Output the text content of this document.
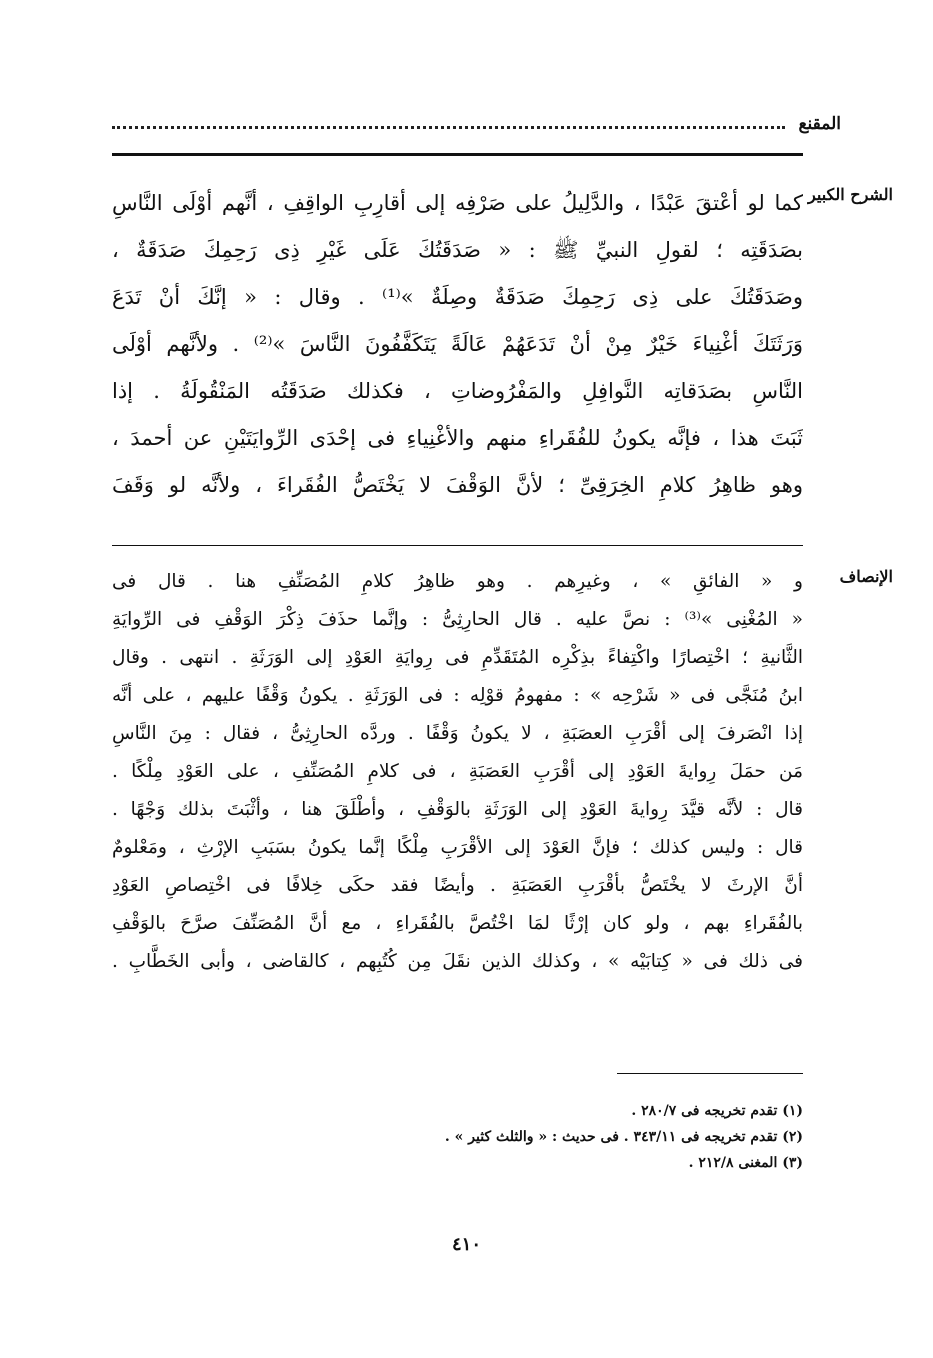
المقنع
الشرح الكبير
الإنصاف
كما لو أعْتقَ عَبْدًا ، والدَّلِيلُ على صَرْفِه إلى أقارِبِ الواقِفِ ، أنَّهم أوْلَى النَّاسِ
بصَدَقَتِه ؛ لقولِ النبيِّ ﷺ : « صَدَقَتُكَ عَلَى غَيْرِ ذِى رَحِمِكَ صَدَقَةٌ ،
وصَدَقَتُكَ على ذِى رَحِمِكَ صَدَقَةٌ وصِلَةٌ »⁽¹⁾ . وقال : « إنَّكَ أنْ تَدَعَ
وَرَثَتَكَ أغْنِياءَ خَيْرٌ مِنْ أنْ تَدَعَهُمْ عَالَةً يَتَكَفَّفُونَ النَّاسَ »⁽²⁾ . ولأنَّهم أوْلَى
النَّاسِ بصَدَقاتِه النَّوافِلِ والمَفْرُوضاتِ ، فكذلك صَدَقَتُه المَنْقُولَةُ . إذا
ثَبَتَ هذا ، فإنَّه يكونُ للفُقَراءِ منهم والأغْنِياءِ فى إحْدَى الرِّوايَتَيْنِ عن أحمدَ ،
وهو ظاهِرُ كلامِ الخِرَقِىِّ ؛ لأنَّ الوَقْفَ لا يَخْتَصُّ الفُقَراءَ ، ولأنَّه لو وَقَفَ
و « الفائقِ » ، وغيرِهم . وهو ظاهِرُ كلامِ المُصَنِّفِ هنا . قال فى
« المُغْنِى »⁽³⁾ : نصَّ عليه . قال الحارِثِىُّ : وإنَّما حذَفَ ذِكْرَ الوَقْفِ فى الرِّوايَةِ
الثَّانيةِ ؛ اخْتِصارًا واكْتِفاءً بذِكْرِه المُتَقَدِّمِ فى رِوايَةِ العَوْدِ إلى الوَرَثَةِ . انتهى . وقال
ابنُ مُنَجَّى فى « شَرْحِه » : مفهومُ قوْلِه : فى الوَرَثَةِ . يكونُ وَقْفًا عليهم ، على أنَّه
إذا انْصَرفَ إلى أقْرَبِ العصَبَةِ ، لا يكونُ وَقْفًا . وردَّه الحارِثِىُّ ، فقال : مِنَ النَّاسِ
مَن حمَلَ رِوايةَ العَوْدِ إلى أقْرَبِ العَصَبَةِ ، فى كلامِ المُصَنِّفِ ، على العَوْدِ مِلْكًا .
قال : لأنَّه قيَّدَ رِوايةَ العَوْدِ إلى الوَرَثَةِ بالوَقْفِ ، وأطْلَقَ هنا ، وأثْبَتَ بذلك وَجْهًا .
قال : وليس كذلك ؛ فإنَّ العَوْدَ إلى الأقْرَبِ مِلْكًا إنَّما يكونُ بسَبَبِ الإرْثِ ، ومَعْلومٌ
أنَّ الإرثَ لا يخْتَصُّ بأقْرَبِ العَصَبَةِ . وأيضًا فقد حكَى خِلافًا فى اخْتِصاصِ العَوْدِ
بالفُقَراءِ بهم ، ولو كان إرْثًا لمَا اخْتُصَّ بالفُقَراءِ ، مع أنَّ المُصَنِّفَ صرَّحَ بالوَقْفِ
فى ذلك فى « كِتابَيْه » ، وكذلك الذين نقَلَ مِن كُتُبِهم ، كالقاضى ، وأبى الخَطَّابِ .
(١) تقدم تخريجه فى ٢٨٠/٧ .
(٢) تقدم تخريجه فى ٣٤٣/١١ . فى حديث : « والثلث كثير » .
(٣) المغنى ٢١٢/٨ .
٤١٠
